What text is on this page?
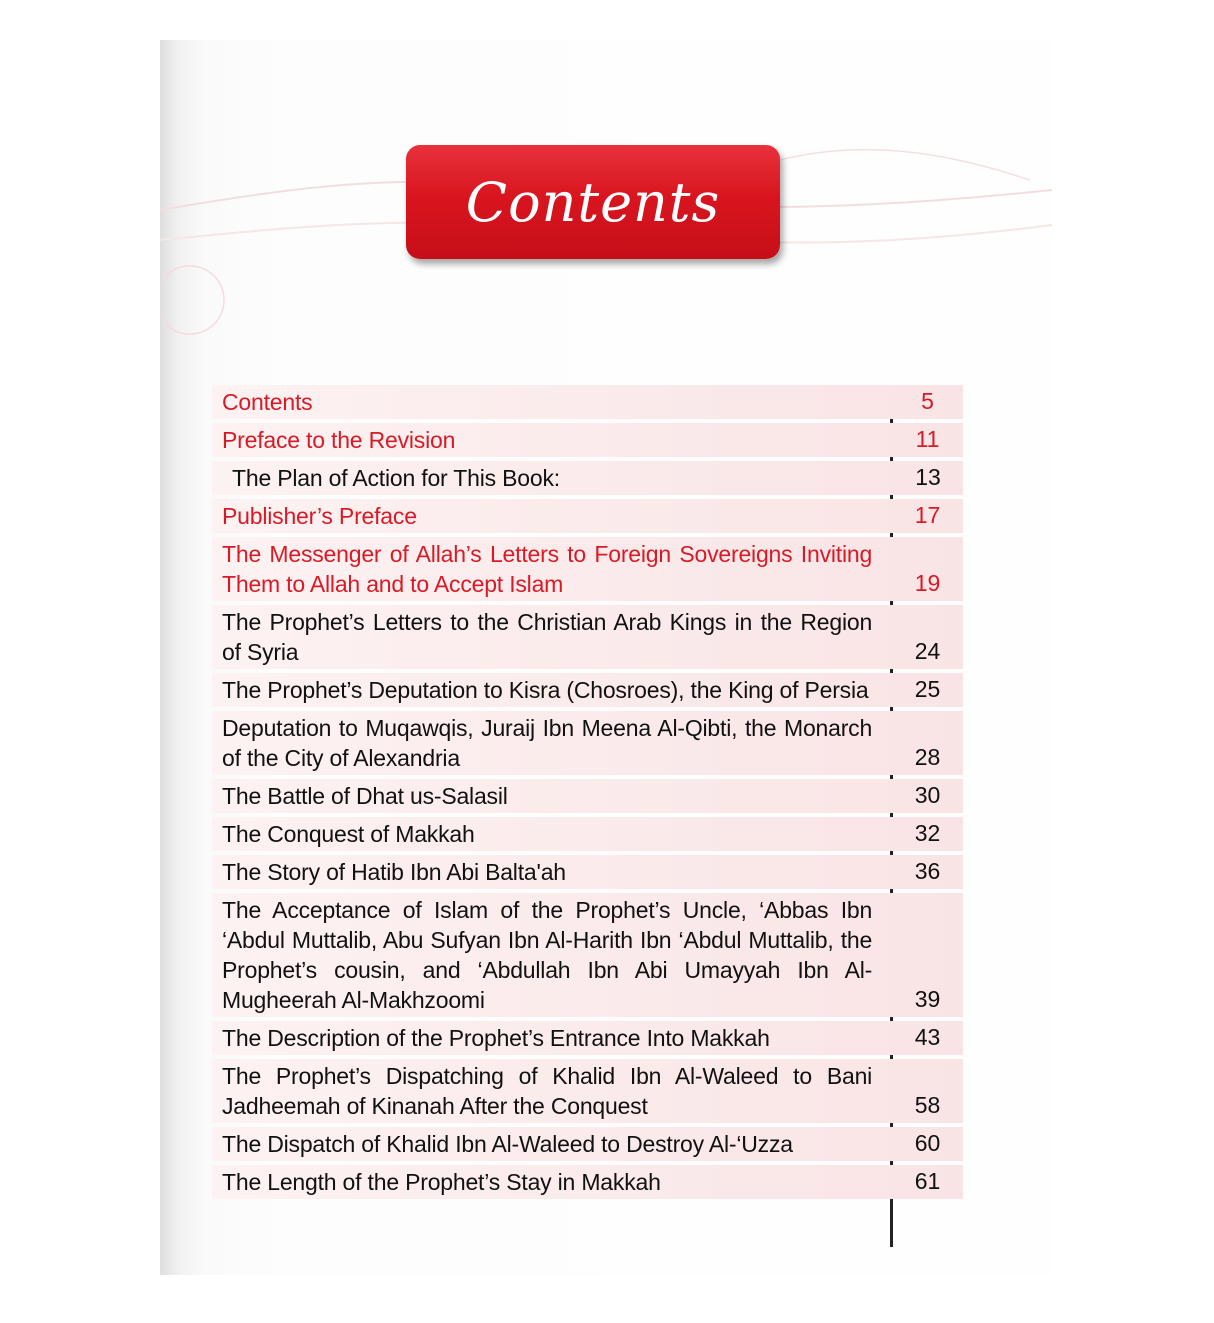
Contents
Contents	5
Preface to the Revision	11
The Plan of Action for This Book:	13
Publisher’s Preface	17
The Messenger of Allah’s Letters to Foreign Sovereigns Inviting Them to Allah and to Accept Islam	19
The Prophet’s Letters to the Christian Arab Kings in the Region of Syria	24
The Prophet’s Deputation to Kisra (Chosroes), the King of Persia	25
Deputation to Muqawqis, Juraij Ibn Meena Al-Qibti, the Monarch of the City of Alexandria	28
The Battle of Dhat us-Salasil	30
The Conquest of Makkah	32
The Story of Hatib Ibn Abi Balta'ah	36
The Acceptance of Islam of the Prophet’s Uncle, ‘Abbas Ibn ‘Abdul Muttalib, Abu Sufyan Ibn Al-Harith Ibn ‘Abdul Muttalib, the Prophet’s cousin, and ‘Abdullah Ibn Abi Umayyah Ibn Al-Mugheerah Al-Makhzoomi	39
The Description of the Prophet’s Entrance Into Makkah	43
The Prophet’s Dispatching of Khalid Ibn Al-Waleed to Bani Jadheemah of Kinanah After the Conquest	58
The Dispatch of Khalid Ibn Al-Waleed to Destroy Al-‘Uzza	60
The Length of the Prophet’s Stay in Makkah	61
